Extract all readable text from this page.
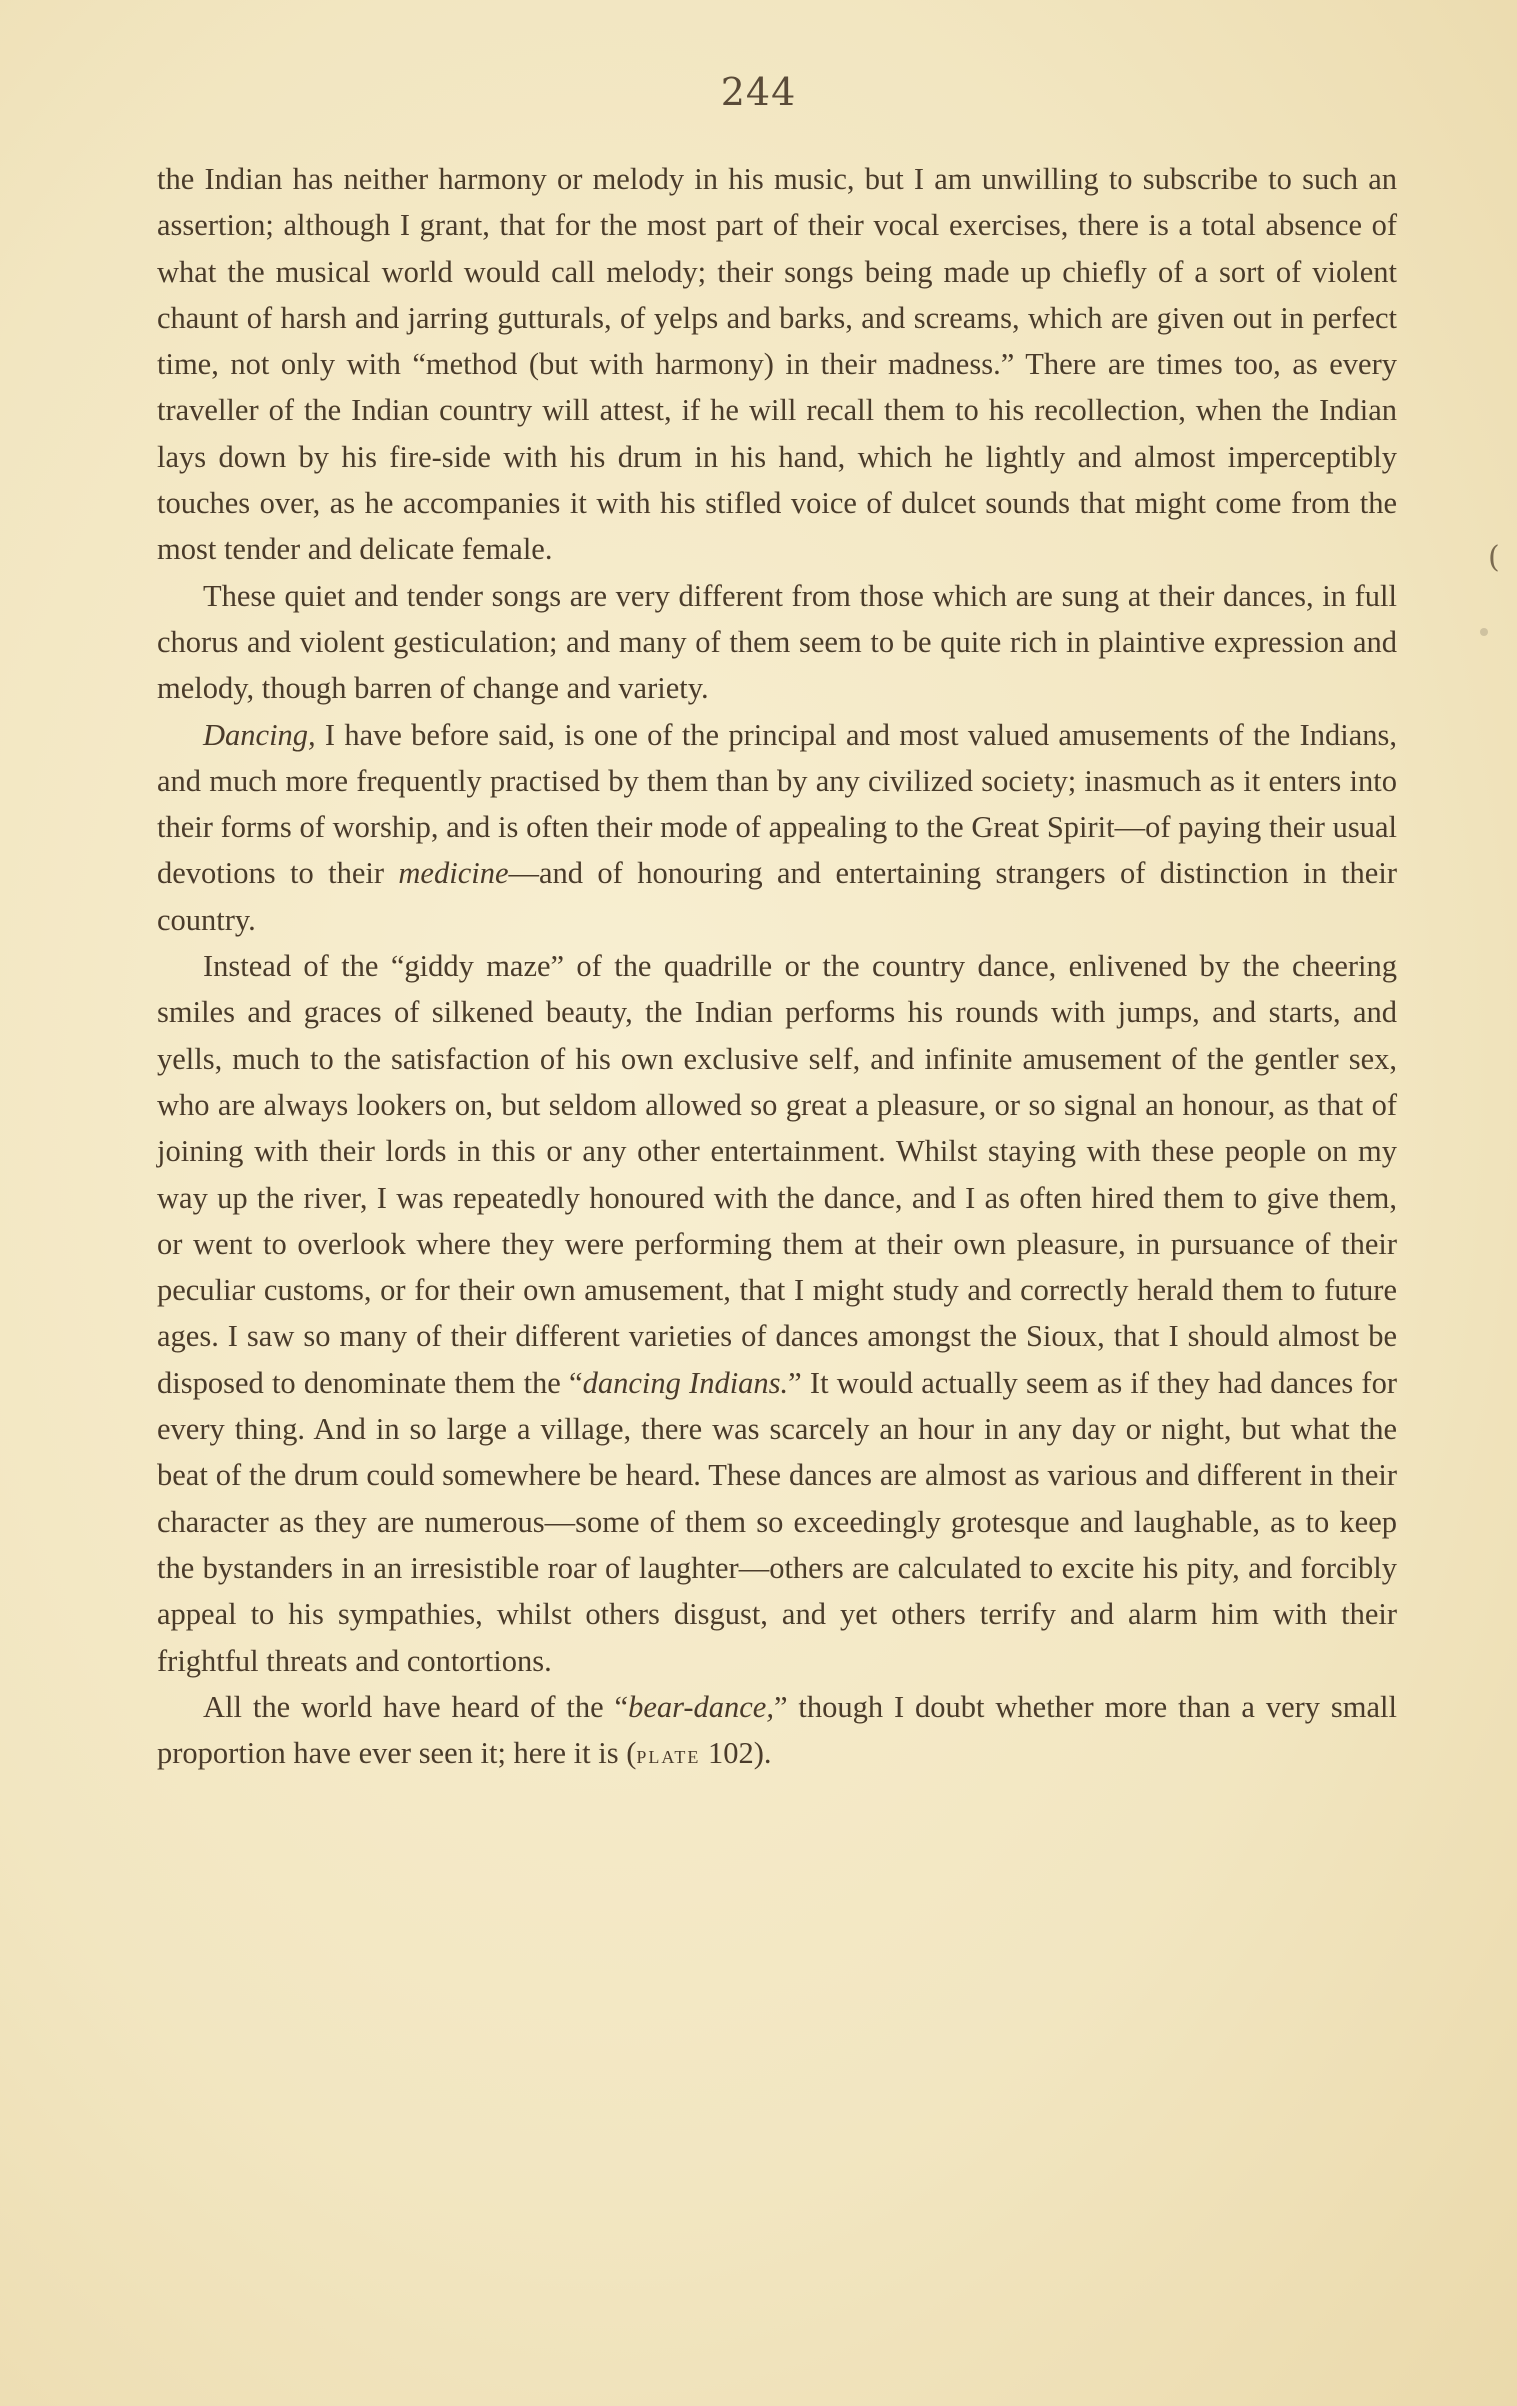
244

the Indian has neither harmony or melody in his music, but I am unwilling to subscribe to such an assertion; although I grant, that for the most part of their vocal exercises, there is a total absence of what the musical world would call melody; their songs being made up chiefly of a sort of violent chaunt of harsh and jarring gutturals, of yelps and barks, and screams, which are given out in perfect time, not only with “method (but with harmony) in their madness.” There are times too, as every traveller of the Indian country will attest, if he will recall them to his recollection, when the Indian lays down by his fire-side with his drum in his hand, which he lightly and almost imperceptibly touches over, as he accompanies it with his stifled voice of dulcet sounds that might come from the most tender and delicate female.

These quiet and tender songs are very different from those which are sung at their dances, in full chorus and violent gesticulation; and many of them seem to be quite rich in plaintive expression and melody, though barren of change and variety.

Dancing, I have before said, is one of the principal and most valued amusements of the Indians, and much more frequently practised by them than by any civilized society; inasmuch as it enters into their forms of worship, and is often their mode of appealing to the Great Spirit—of paying their usual devotions to their medicine—and of honouring and entertaining strangers of distinction in their country.

Instead of the “giddy maze” of the quadrille or the country dance, enlivened by the cheering smiles and graces of silkened beauty, the Indian performs his rounds with jumps, and starts, and yells, much to the satisfaction of his own exclusive self, and infinite amusement of the gentler sex, who are always lookers on, but seldom allowed so great a pleasure, or so signal an honour, as that of joining with their lords in this or any other entertainment. Whilst staying with these people on my way up the river, I was repeatedly honoured with the dance, and I as often hired them to give them, or went to overlook where they were performing them at their own pleasure, in pursuance of their peculiar customs, or for their own amusement, that I might study and correctly herald them to future ages. I saw so many of their different varieties of dances amongst the Sioux, that I should almost be disposed to denominate them the “dancing Indians.” It would actually seem as if they had dances for every thing. And in so large a village, there was scarcely an hour in any day or night, but what the beat of the drum could somewhere be heard. These dances are almost as various and different in their character as they are numerous—some of them so exceedingly grotesque and laughable, as to keep the bystanders in an irresistible roar of laughter—others are calculated to excite his pity, and forcibly appeal to his sympathies, whilst others disgust, and yet others terrify and alarm him with their frightful threats and contortions.

All the world have heard of the “bear-dance,” though I doubt whether more than a very small proportion have ever seen it; here it is (plate 102).

(
